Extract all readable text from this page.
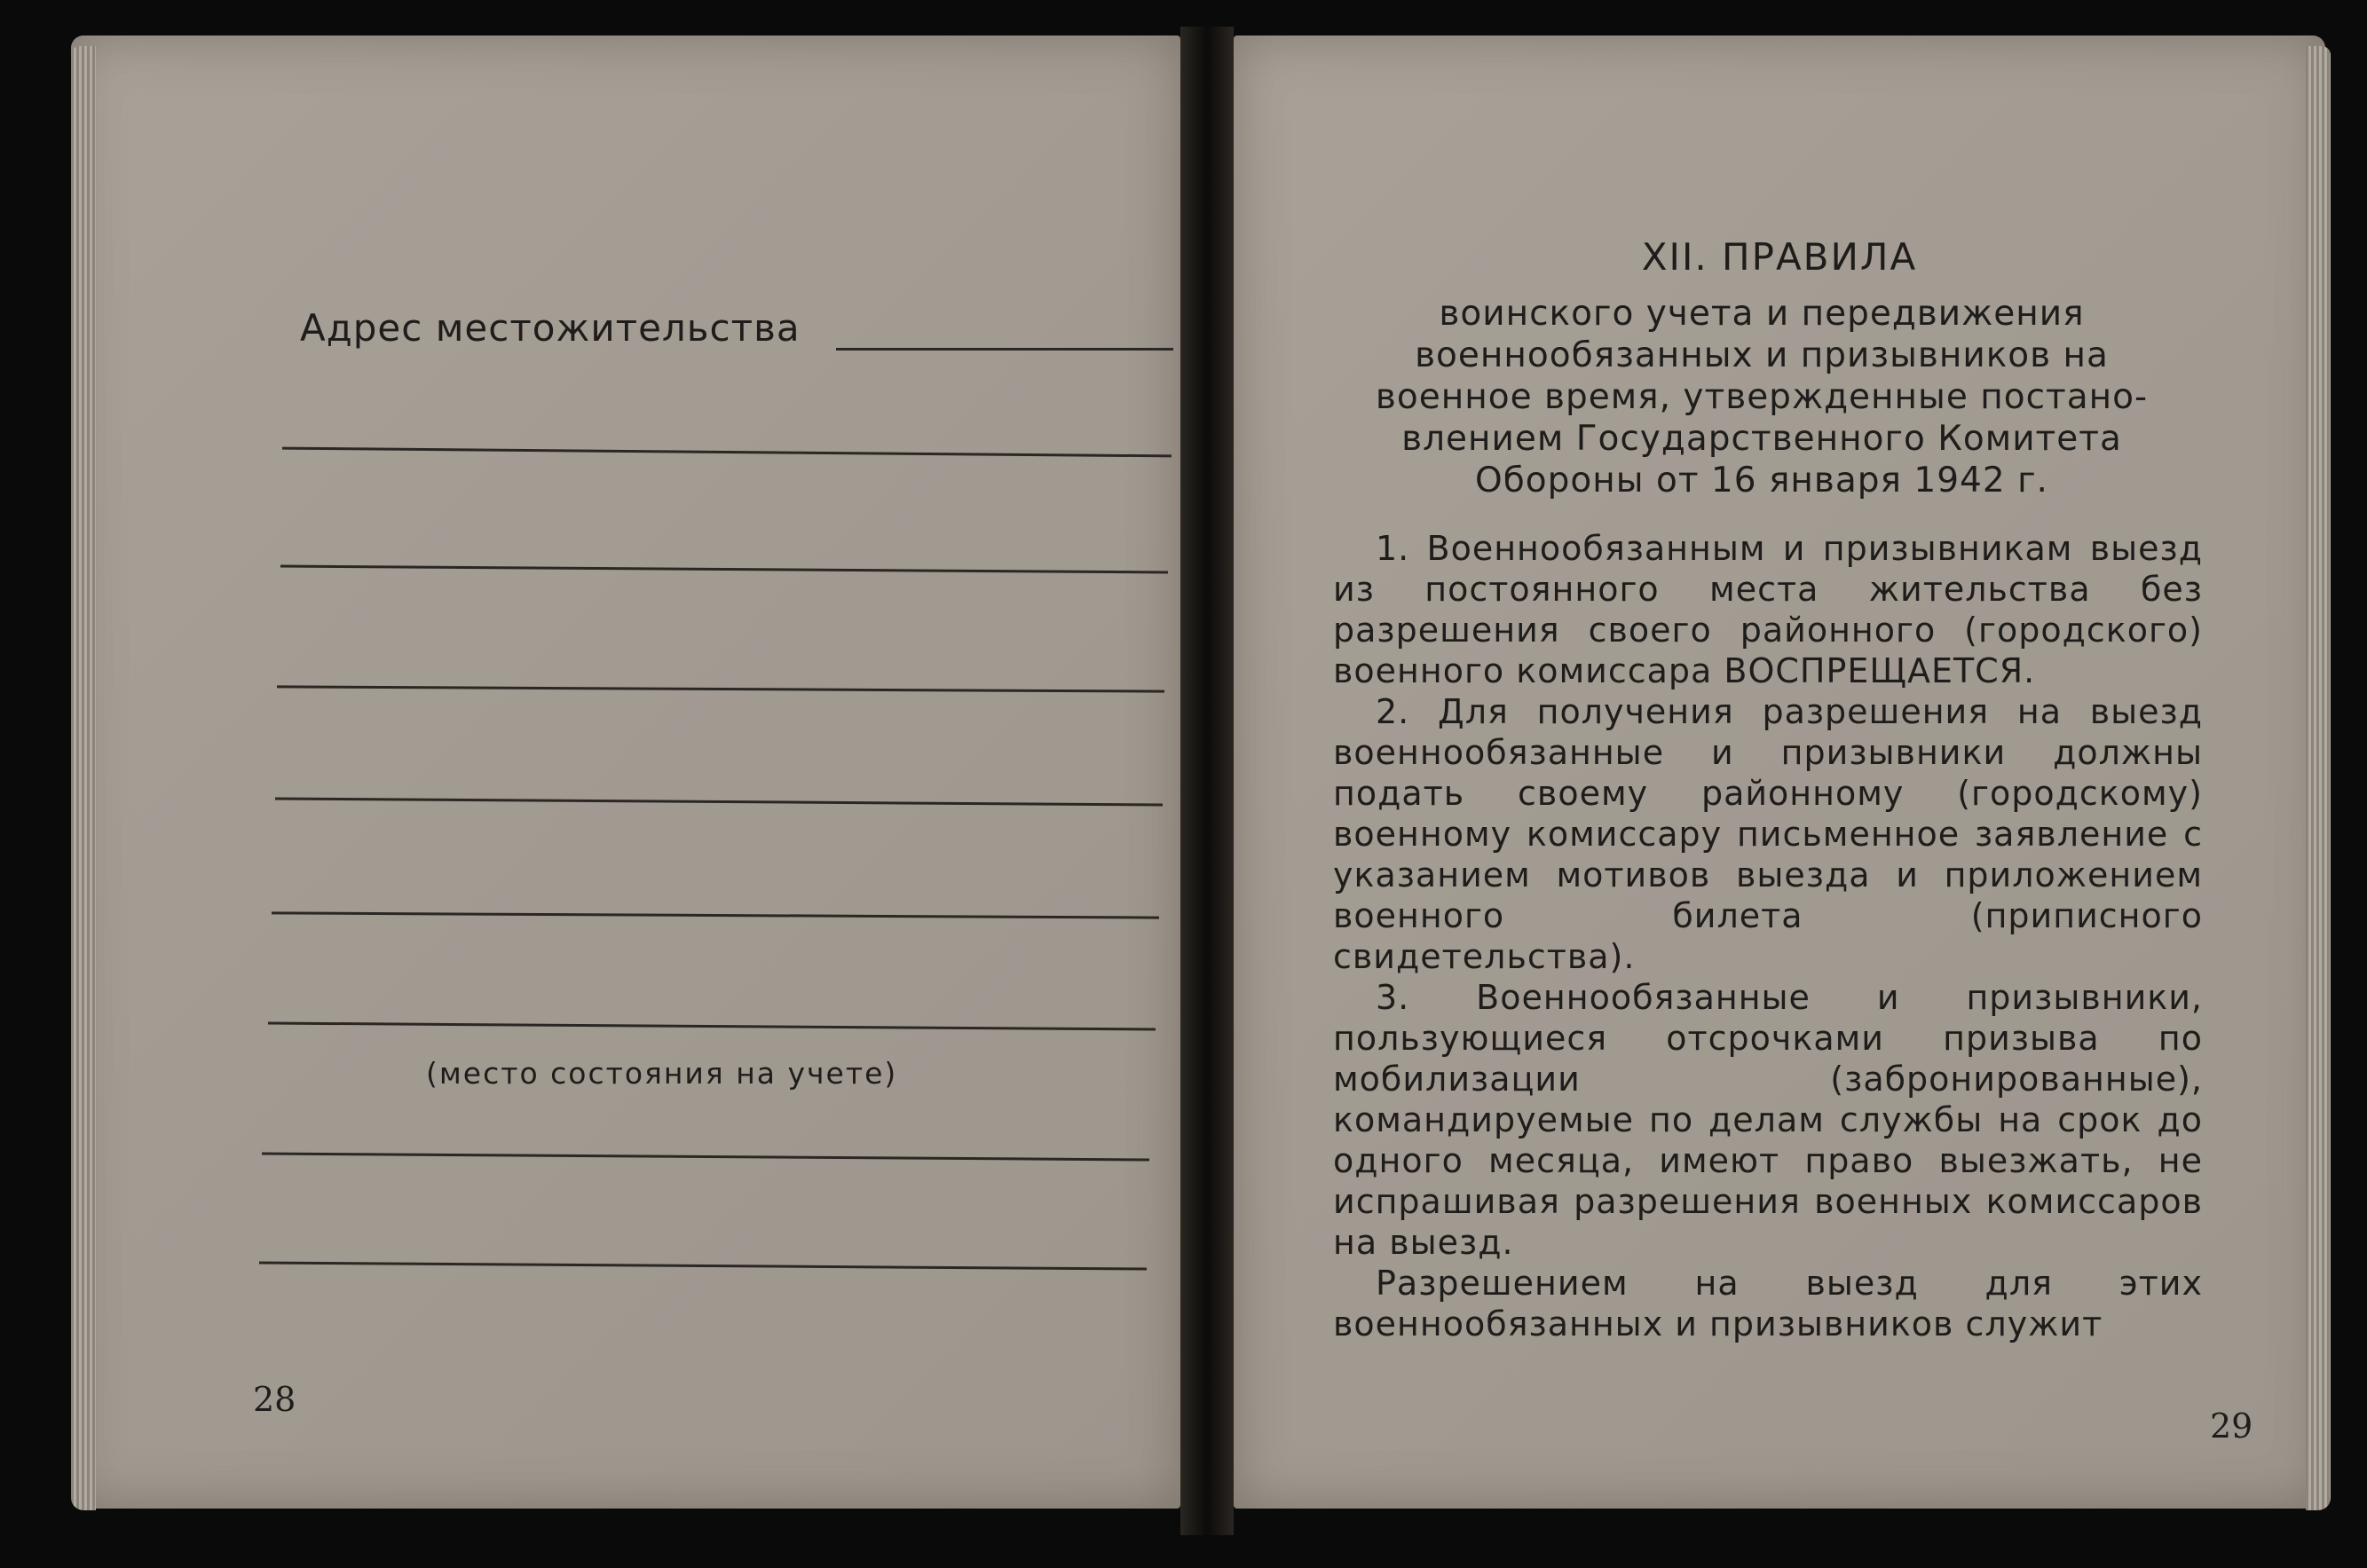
Адрес местожительства
(место состояния на учете)
28
XII. ПРАВИЛА
воинского учета и передвижения
военнообязанных и призывников на
военное время, утвержденные постано-
влением Государственного Комитета
Обороны от 16 января 1942 г.

1. Военнообязанным и призывникам выезд из постоянного места жительства без разрешения своего районного (городского) военного комиссара ВОСПРЕЩАЕТСЯ.

2. Для получения разрешения на выезд военнообязанные и призывники должны подать своему районному (городскому) военному комиссару письменное заявление с указанием мотивов выезда и приложением военного билета (приписного свидетельства).

3. Военнообязанные и призывники, пользующиеся отсрочками призыва по мобилизации (забронированные), командируемые по делам службы на срок до одного месяца, имеют право выезжать, не испрашивая разрешения военных комиссаров на выезд.

Разрешением на выезд для этих военнообязанных и призывников служит

29
